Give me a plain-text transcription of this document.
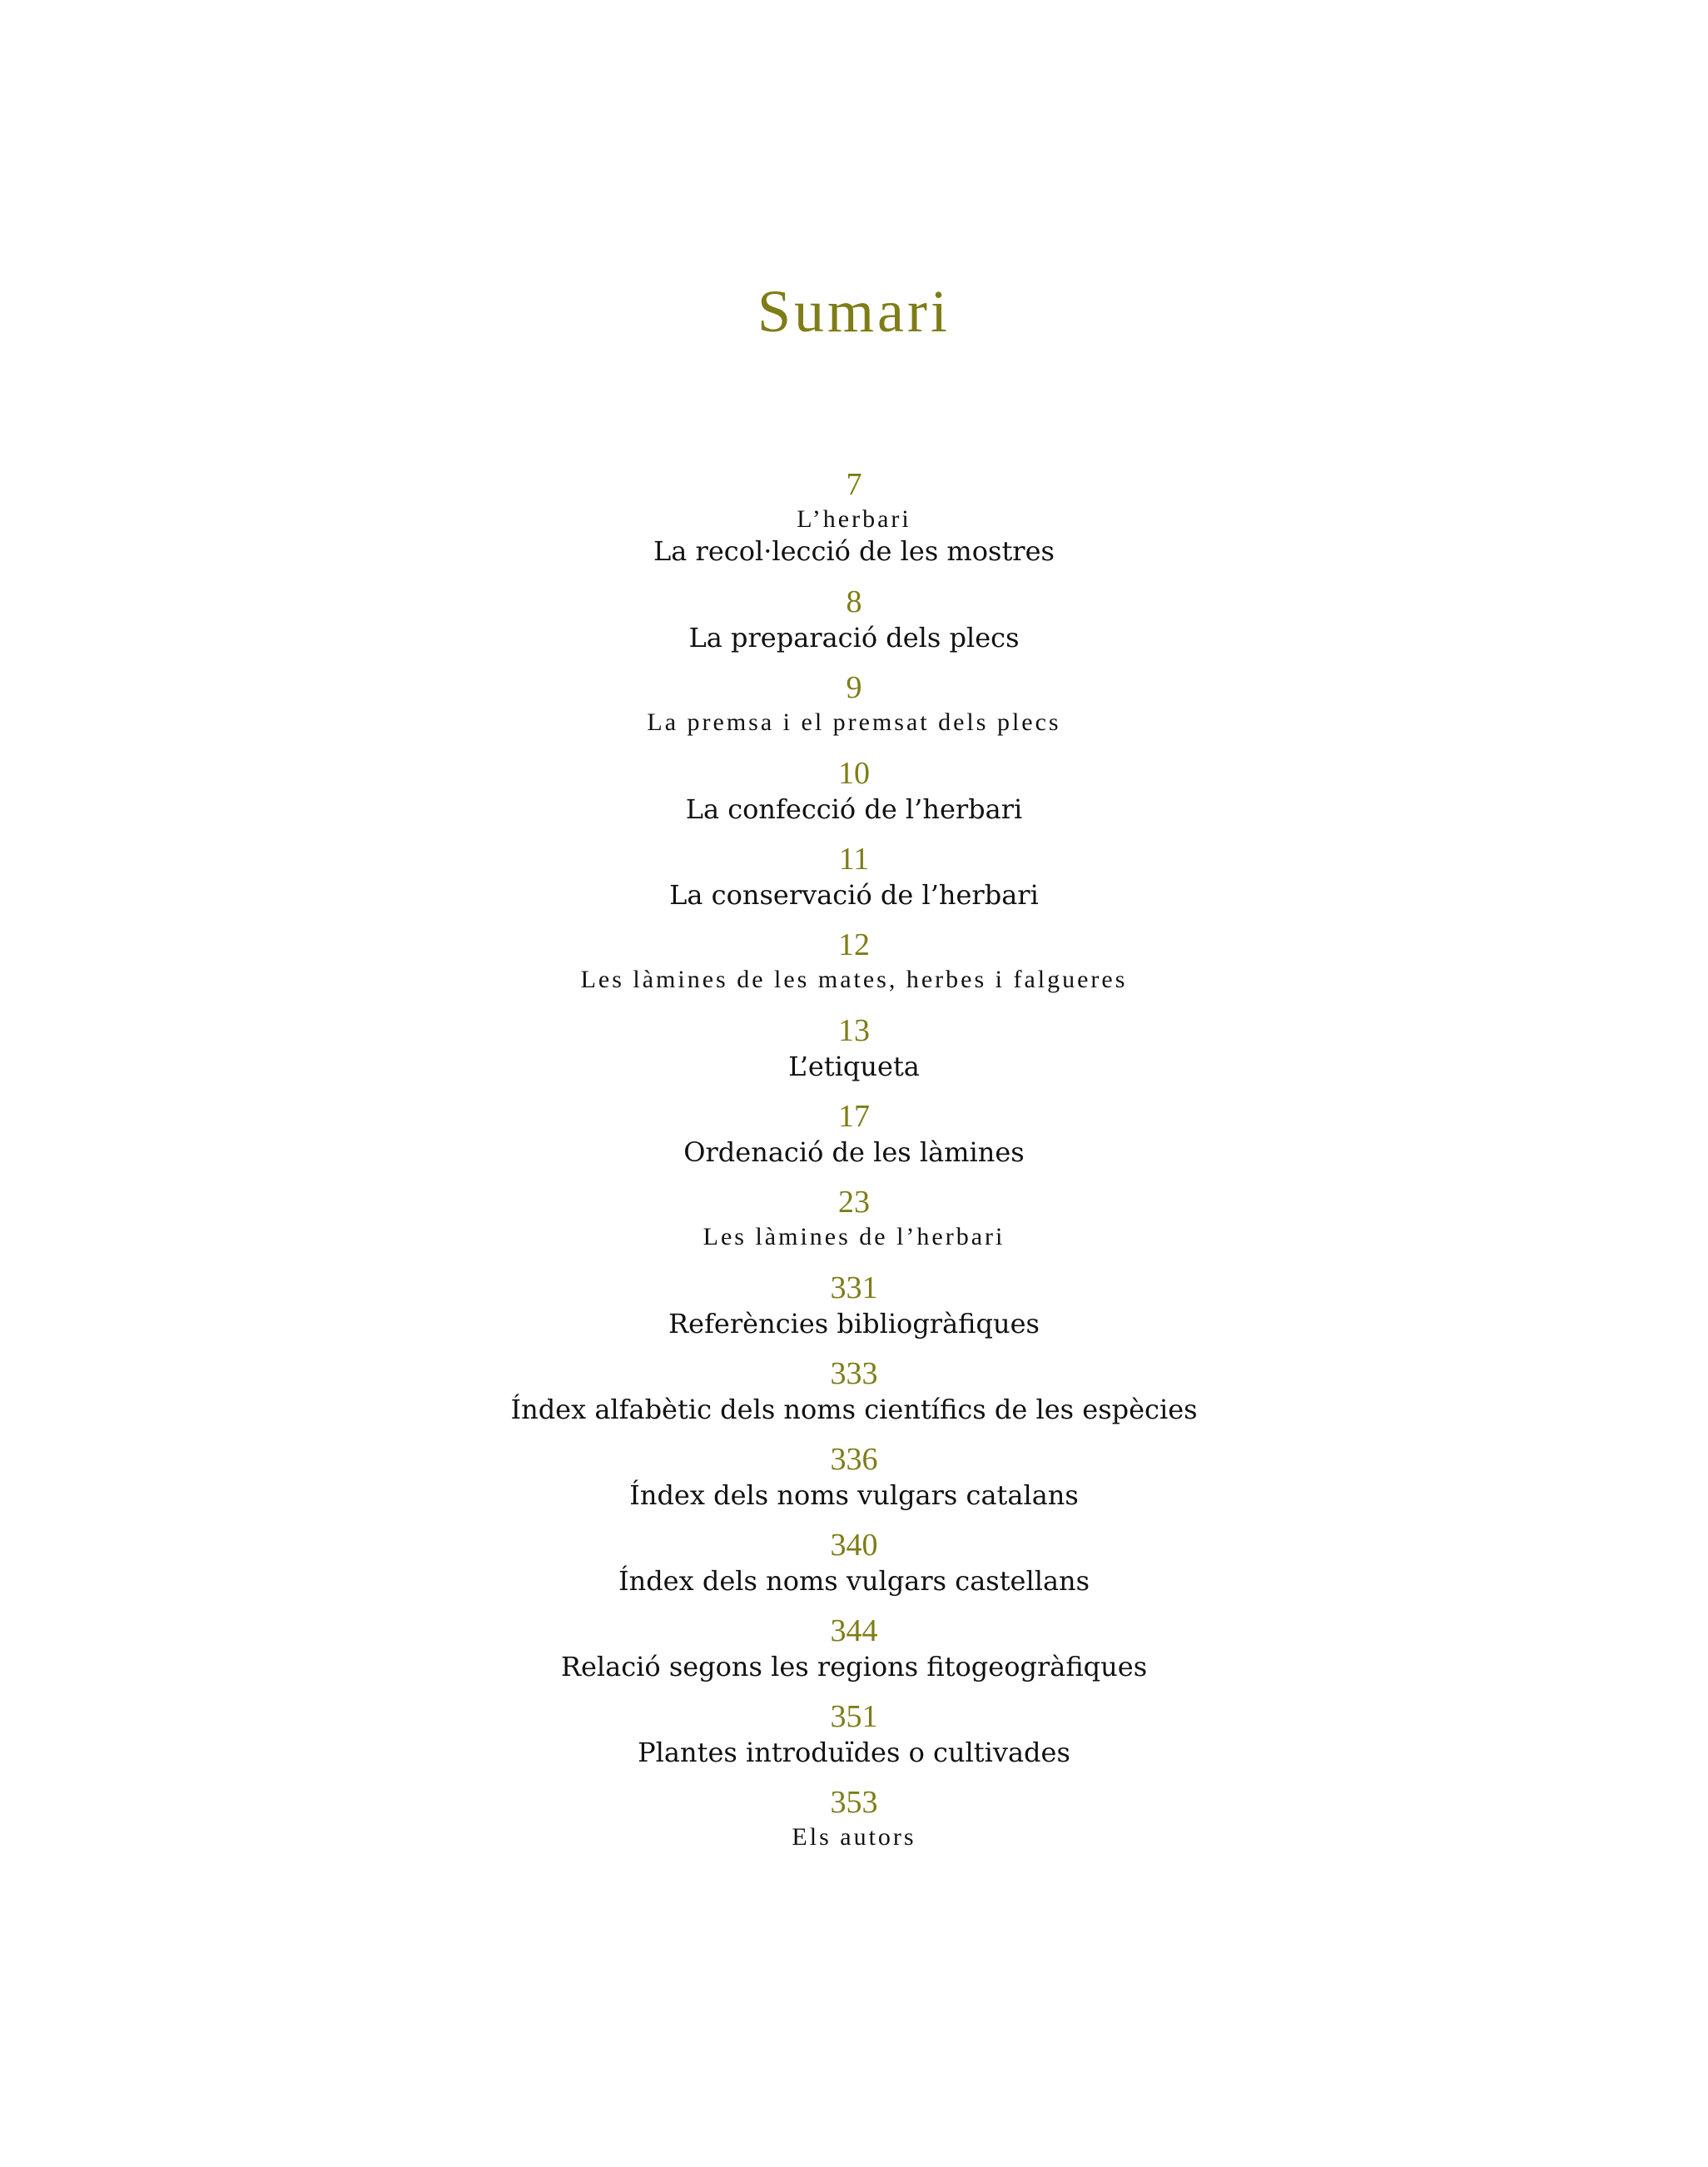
Sumari
7
L’herbari
La recol·lecció de les mostres
8
La preparació dels plecs
9
La premsa i el premsat dels plecs
10
La confecció de l’herbari
11
La conservació de l’herbari
12
Les làmines de les mates, herbes i falgueres
13
L’etiqueta
17
Ordenació de les làmines
23
Les làmines de l’herbari
331
Referències bibliogràfiques
333
Índex alfabètic dels noms científics de les espècies
336
Índex dels noms vulgars catalans
340
Índex dels noms vulgars castellans
344
Relació segons les regions fitogeogràfiques
351
Plantes introduïdes o cultivades
353
Els autors
